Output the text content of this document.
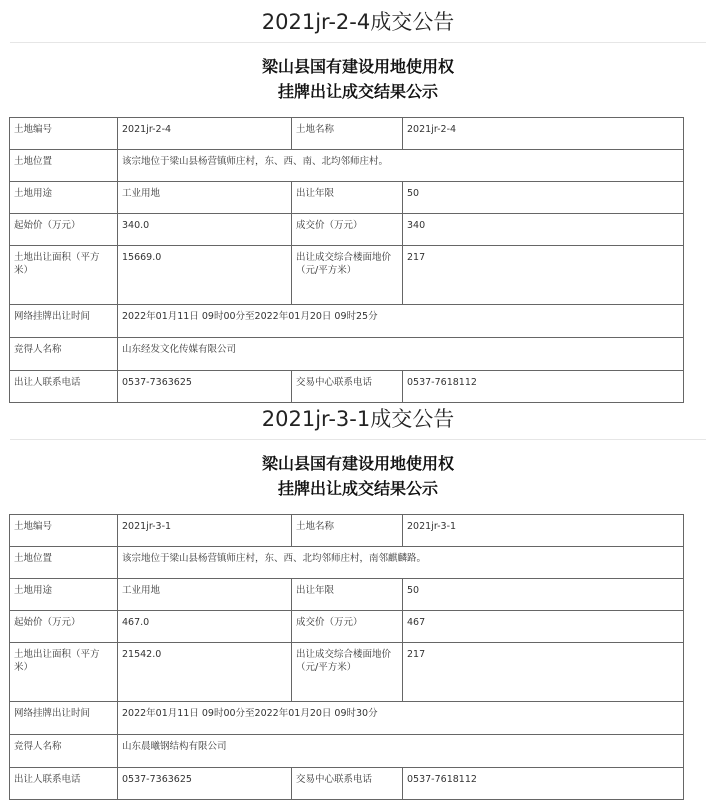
2021jr-2-4成交公告
梁山县国有建设用地使用权
挂牌出让成交结果公示
土地编号	2021jr-2-4	土地名称	2021jr-2-4
土地位置	该宗地位于梁山县杨营镇师庄村，东、西、南、北均邻师庄村。		
土地用途	工业用地	出让年限	50
起始价（万元）	340.0	成交价（万元）	340
土地出让面积（平方米）	15669.0	出让成交综合楼面地价（元/平方米）	217
网络挂牌出让时间	2022年01月11日 09时00分至2022年01月20日 09时25分		
竞得人名称	山东经发文化传媒有限公司		
出让人联系电话	0537-7363625	交易中心联系电话	0537-7618112
2021jr-3-1成交公告
梁山县国有建设用地使用权
挂牌出让成交结果公示
土地编号	2021jr-3-1	土地名称	2021jr-3-1
土地位置	该宗地位于梁山县杨营镇师庄村，东、西、北均邻师庄村，南邻麒麟路。		
土地用途	工业用地	出让年限	50
起始价（万元）	467.0	成交价（万元）	467
土地出让面积（平方米）	21542.0	出让成交综合楼面地价（元/平方米）	217
网络挂牌出让时间	2022年01月11日 09时00分至2022年01月20日 09时30分		
竞得人名称	山东晨曦钢结构有限公司		
出让人联系电话	0537-7363625	交易中心联系电话	0537-7618112
